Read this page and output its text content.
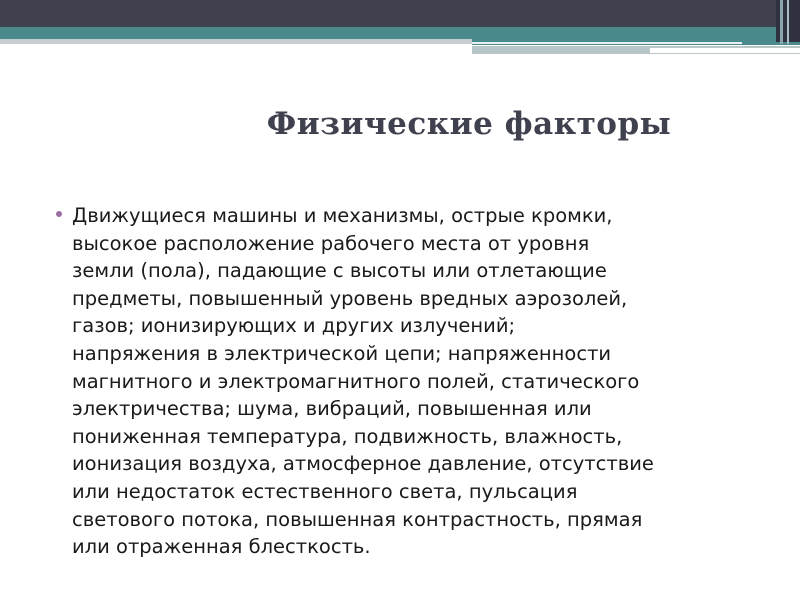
Физические факторы
Движущиеся машины и механизмы, острые кромки,
высокое расположение рабочего места от уровня
земли (пола), падающие с высоты или отлетающие
предметы, повышенный уровень вредных аэрозолей,
газов; ионизирующих и других излучений;
напряжения в электрической цепи; напряженности
магнитного и электромагнитного полей, статического
электричества; шума, вибраций, повышенная или
пониженная температура, подвижность, влажность,
ионизация воздуха, атмосферное давление, отсутствие
или недостаток естественного света, пульсация
светового потока, повышенная контрастность, прямая
или отраженная блесткость.
